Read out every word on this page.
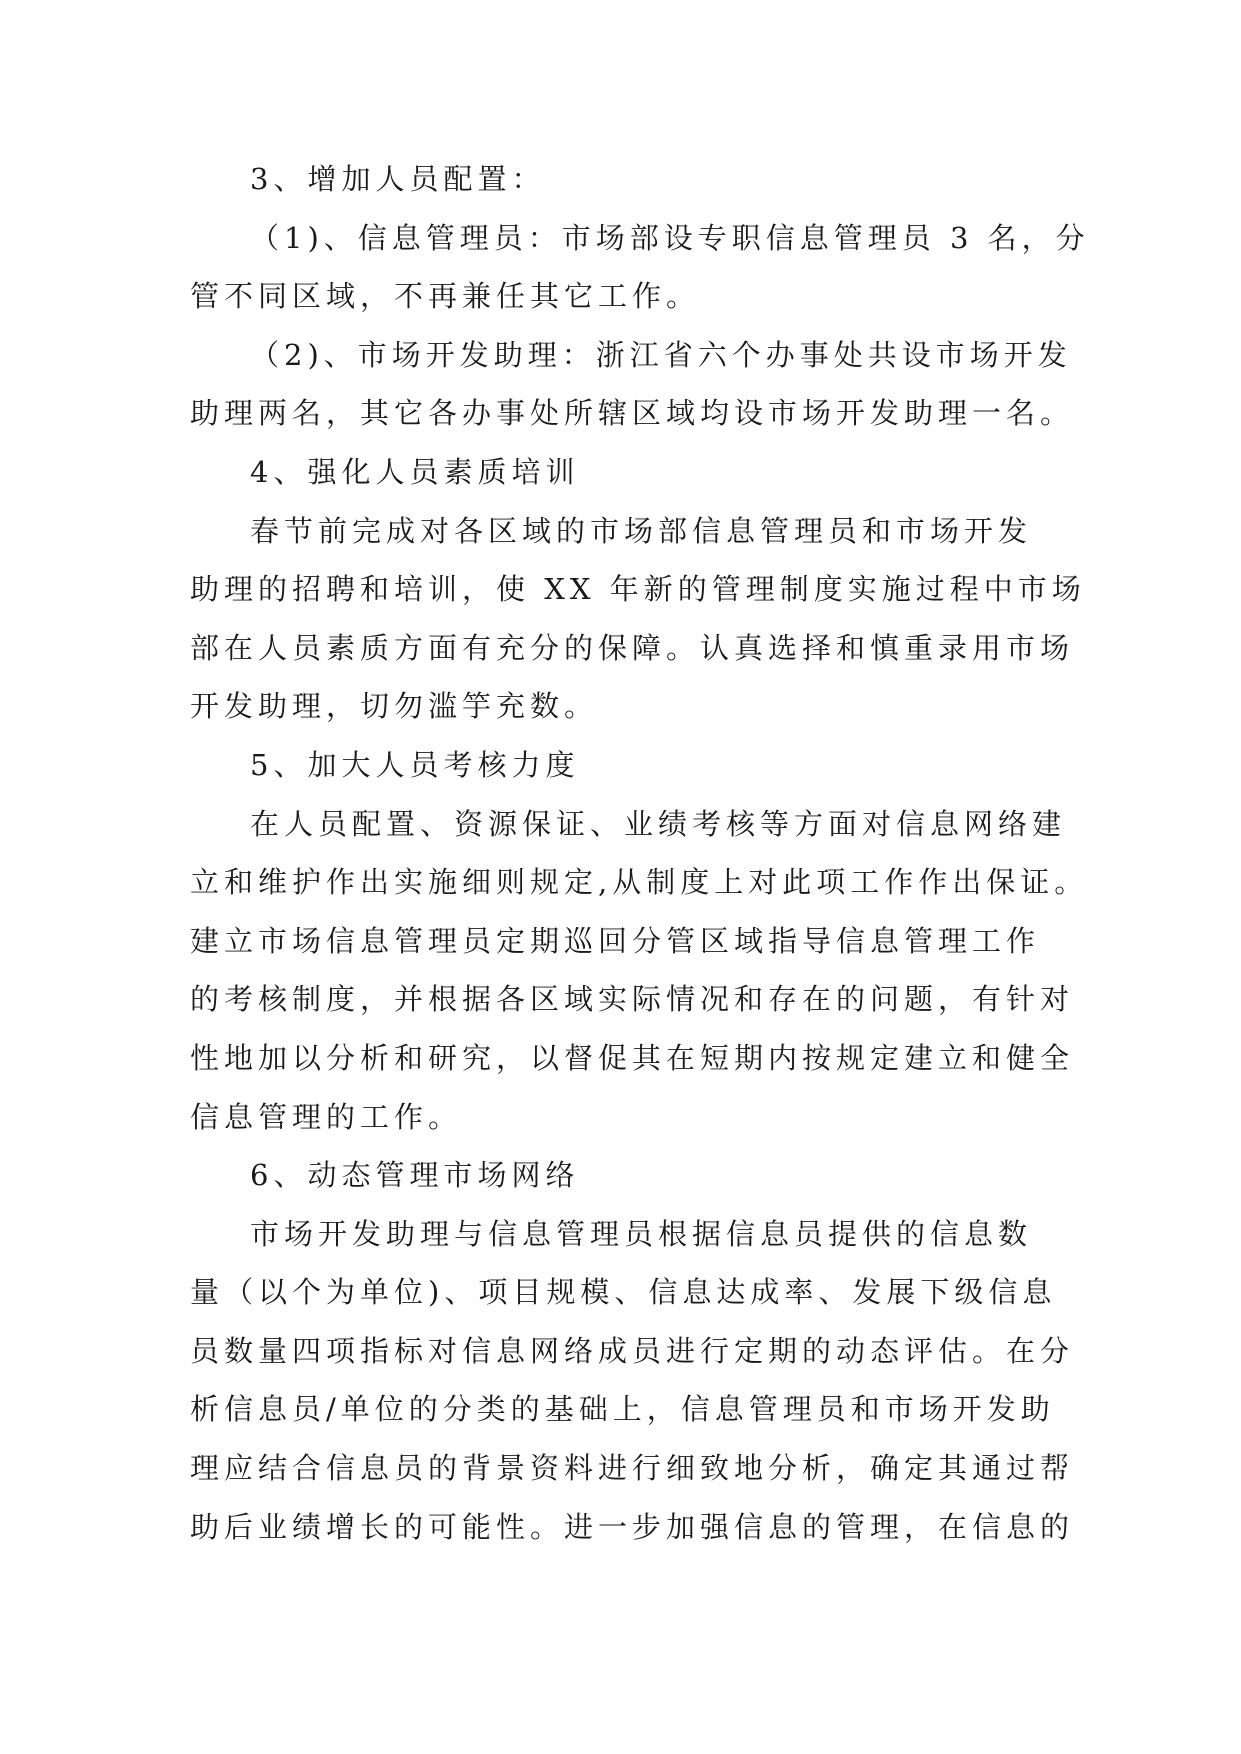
3、增加人员配置：
（1)、信息管理员：市场部设专职信息管理员 3 名，分
管不同区域，不再兼任其它工作。
（2)、市场开发助理：浙江省六个办事处共设市场开发
助理两名，其它各办事处所辖区域均设市场开发助理一名。
4、强化人员素质培训
春节前完成对各区域的市场部信息管理员和市场开发
助理的招聘和培训，使 XX 年新的管理制度实施过程中市场
部在人员素质方面有充分的保障。认真选择和慎重录用市场
开发助理，切勿滥竽充数。
5、加大人员考核力度
在人员配置、资源保证、业绩考核等方面对信息网络建
立和维护作出实施细则规定,从制度上对此项工作作出保证。
建立市场信息管理员定期巡回分管区域指导信息管理工作
的考核制度，并根据各区域实际情况和存在的问题，有针对
性地加以分析和研究，以督促其在短期内按规定建立和健全
信息管理的工作。
6、动态管理市场网络
市场开发助理与信息管理员根据信息员提供的信息数
量（以个为单位)、项目规模、信息达成率、发展下级信息
员数量四项指标对信息网络成员进行定期的动态评估。在分
析信息员/单位的分类的基础上，信息管理员和市场开发助
理应结合信息员的背景资料进行细致地分析，确定其通过帮
助后业绩增长的可能性。进一步加强信息的管理，在信息的
